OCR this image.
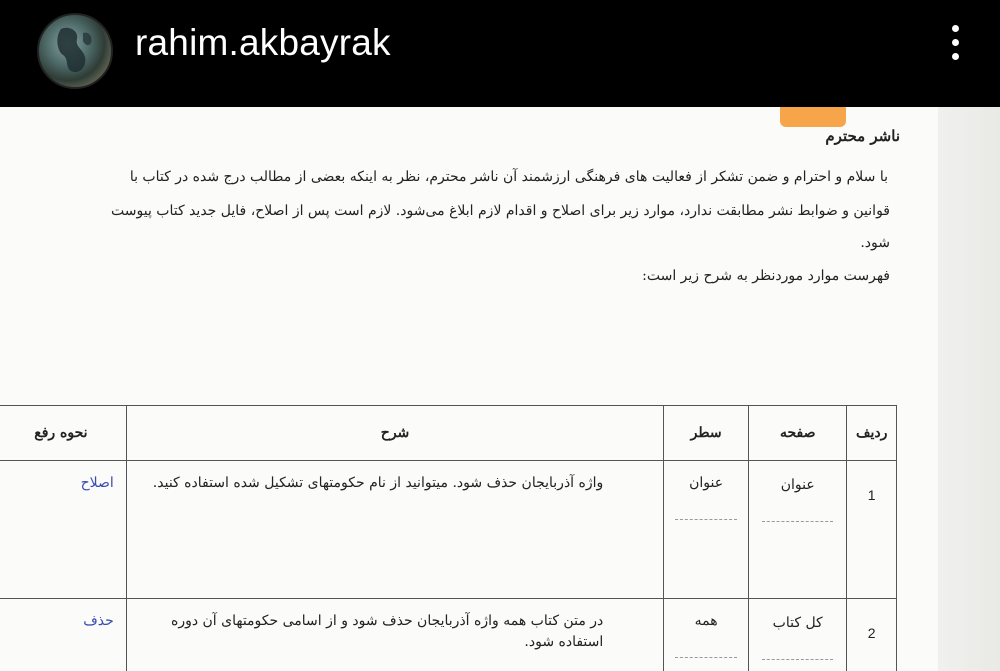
rahim.akbayrak
ناشر محترم
با سلام و احترام و ضمن تشکر از فعالیت های فرهنگی ارزشمند آن ناشر محترم، نظر به اینکه بعضی از مطالب درج شده در کتاب با
قوانین و ضوابط نشر مطابقت ندارد، موارد زیر برای اصلاح و اقدام لازم ابلاغ می‌شود. لازم است پس از اصلاح، فایل جدید کتاب پیوست
شود.
فهرست موارد موردنظر به شرح زیر است:
ردیف	صفحه	سطر	شرح	نحوه رفع
1	عنوان	عنوان	واژه آذربایجان حذف شود. میتوانید از نام حکومتهای تشکیل شده استفاده کنید.	اصلاح
2	کل کتاب	همه	در متن کتاب همه واژه آذربایجان حذف شود و از اسامی حکومتهای آن دوره استفاده شود.	حذف
